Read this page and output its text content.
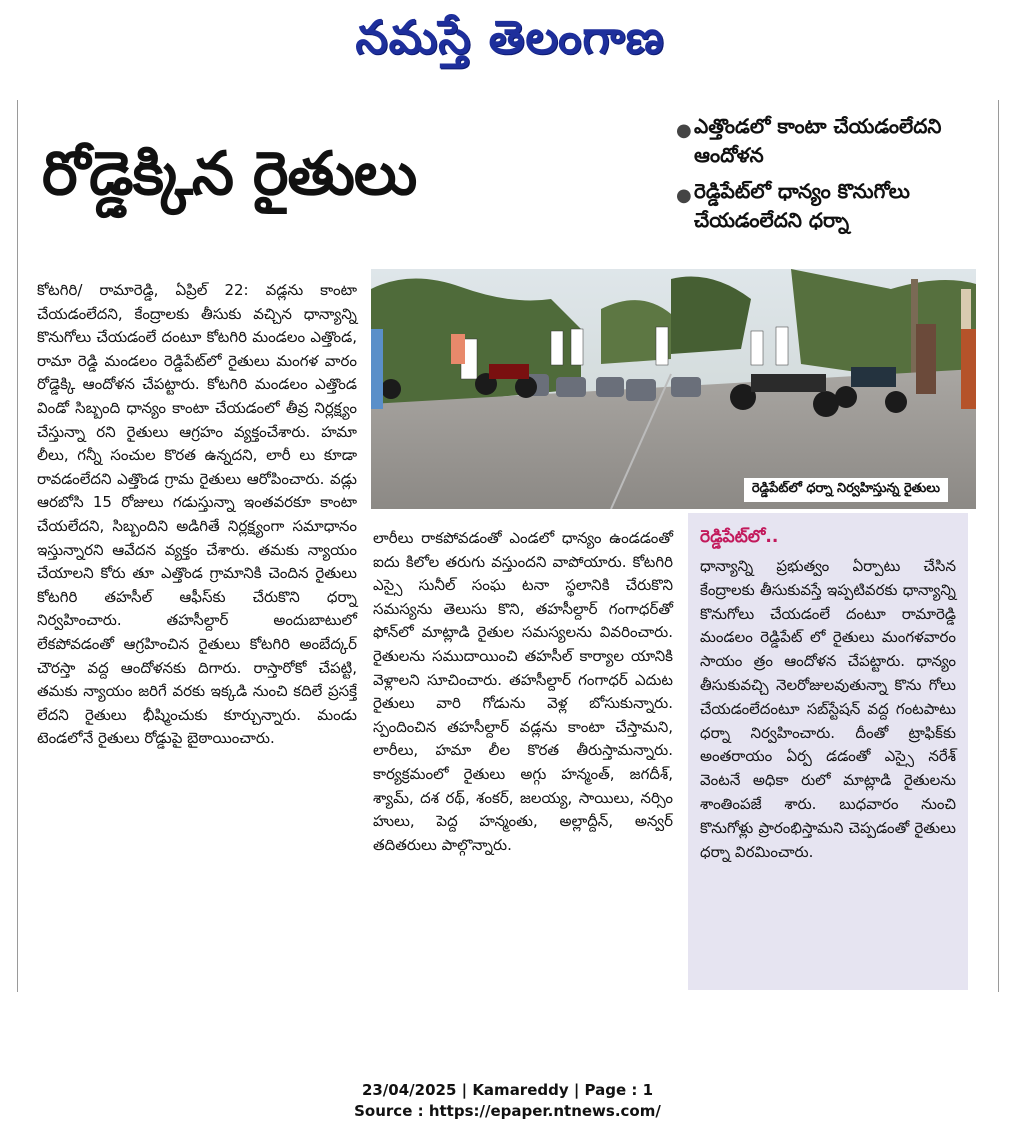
నమస్తే తెలంగాణ
రోడ్డెక్కిన రైతులు
● ఎత్తొండలో కాంటా చేయడంలేదని ఆందోళన
● రెడ్డిపేట్‌లో ధాన్యం కొనుగోలు చేయడంలేదని ధర్నా
రెడ్డిపేట్‌లో ధర్నా నిర్వహిస్తున్న రైతులు

కోటగిరి/ రామారెడ్డి, ఏప్రిల్ 22: వడ్లను కాంటా చేయడంలేదని, కేంద్రాలకు తీసుకు వచ్చిన ధాన్యాన్ని కొనుగోలు చేయడంలే దంటూ కోటగిరి మండలం ఎత్తొండ, రామా రెడ్డి మండలం రెడ్డిపేట్‌లో రైతులు మంగళ వారం రోడ్డెక్కి ఆందోళన చేపట్టారు. కోటగిరి మండలం ఎత్తొండ విండో సిబ్బంది ధాన్యం కాంటా చేయడంలో తీవ్ర నిర్లక్ష్యం చేస్తున్నా రని రైతులు ఆగ్రహం వ్యక్తంచేశారు. హమా లీలు, గన్నీ సంచుల కొరత ఉన్నదని, లారీ లు కూడా రావడంలేదని ఎత్తొండ గ్రామ రైతులు ఆరోపించారు. వడ్లు ఆరబోసి 15 రోజులు గడుస్తున్నా ఇంతవరకూ కాంటా చేయలేదని, సిబ్బందిని అడిగితే నిర్లక్ష్యంగా సమాధానం ఇస్తున్నారని ఆవేదన వ్యక్తం చేశారు. తమకు న్యాయం చేయాలని కోరు తూ ఎత్తొండ గ్రామానికి చెందిన రైతులు కోటగిరి తహసీల్ ఆఫీస్‌కు చేరుకొని ధర్నా నిర్వహించారు. తహసీల్దార్ అందుబాటులో లేకపోవడంతో ఆగ్రహించిన రైతులు కోటగిరి అంబేద్కర్ చౌరస్తా వద్ద ఆందోళనకు దిగారు. రాస్తారోకో చేపట్టి, తమకు న్యాయం జరిగే వరకు ఇక్కడి నుంచి కదిలే ప్రసక్తే లేదని రైతులు భీష్మించుకు కూర్చున్నారు. మండు టెండలోనే రైతులు రోడ్డుపై బైఠాయించారు.

లారీలు రాకపోవడంతో ఎండలో ధాన్యం ఉండడంతో ఐదు కిలోల తరుగు వస్తుందని వాపోయారు. కోటగిరి ఎస్సై సునీల్ సంఘ టనా స్థలానికి చేరుకొని సమస్యను తెలుసు కొని, తహసీల్దార్ గంగాధర్‌తో ఫోన్‌లో మాట్లాడి రైతుల సమస్యలను వివరించారు. రైతులను సముదాయించి తహసీల్ కార్యాల యానికి వెళ్లాలని సూచించారు. తహసీల్దార్ గంగాధర్ ఎదుట రైతులు వారి గోడును వెళ్ల బోసుకున్నారు. స్పందించిన తహసీల్దార్ వడ్లను కాంటా చేస్తామని, లారీలు, హమా లీల కొరత తీరుస్తామన్నారు. కార్యక్రమంలో రైతులు అగ్గు హన్మంత్, జగదీశ్, శ్యామ్, దశ రథ్, శంకర్, జలయ్య, సాయిలు, నర్సిం హులు, పెద్ద హన్మంతు, అల్లాద్దీన్, అన్వర్ తదితరులు పాల్గొన్నారు.

రెడ్డిపేట్‌లో..
ధాన్యాన్ని ప్రభుత్వం ఏర్పాటు చేసిన కేంద్రాలకు తీసుకువస్తే ఇప్పటివరకు ధాన్యాన్ని కొనుగోలు చేయడంలే దంటూ రామారెడ్డి మండలం రెడ్డిపేట్ లో రైతులు మంగళవారం సాయం త్రం ఆందోళన చేపట్టారు. ధాన్యం తీసుకువచ్చి నెలరోజులవుతున్నా కొను గోలు చేయడంలేదంటూ సబ్‌స్టేషన్ వద్ద గంటపాటు ధర్నా నిర్వహించారు. దీంతో ట్రాఫిక్‌కు అంతరాయం ఏర్ప డడంతో ఎస్సై నరేశ్ వెంటనే అధికా రులో మాట్లాడి రైతులను శాంతింపజే శారు. బుధవారం నుంచి కొనుగోళ్లు ప్రారంభిస్తామని చెప్పడంతో రైతులు ధర్నా విరమించారు.
23/04/2025 | Kamareddy | Page : 1
Source : https://epaper.ntnews.com/
